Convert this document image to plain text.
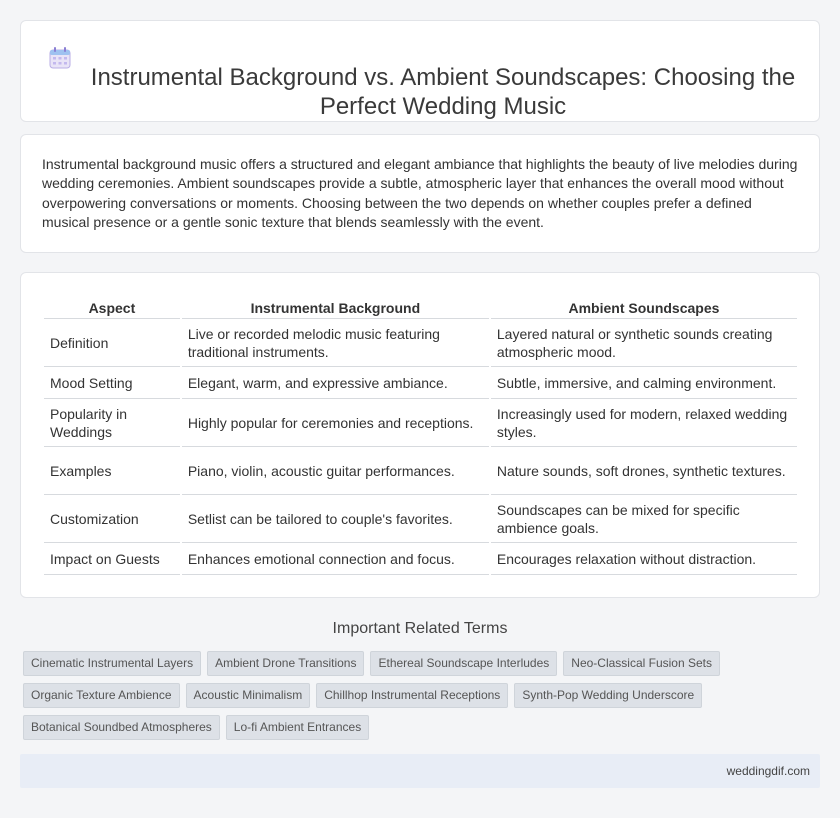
Instrumental Background vs. Ambient Soundscapes: Choosing the Perfect Wedding Music

Instrumental background music offers a structured and elegant ambiance that highlights the beauty of live melodies during wedding ceremonies. Ambient soundscapes provide a subtle, atmospheric layer that enhances the overall mood without overpowering conversations or moments. Choosing between the two depends on whether couples prefer a defined musical presence or a gentle sonic texture that blends seamlessly with the event.

Aspect	Instrumental Background	Ambient Soundscapes
Definition	Live or recorded melodic music featuring traditional instruments.	Layered natural or synthetic sounds creating atmospheric mood.
Mood Setting	Elegant, warm, and expressive ambiance.	Subtle, immersive, and calming environment.
Popularity in Weddings	Highly popular for ceremonies and receptions.	Increasingly used for modern, relaxed wedding styles.
Examples	Piano, violin, acoustic guitar performances.	Nature sounds, soft drones, synthetic textures.
Customization	Setlist can be tailored to couple's favorites.	Soundscapes can be mixed for specific ambience goals.
Impact on Guests	Enhances emotional connection and focus.	Encourages relaxation without distraction.
Important Related Terms
Cinematic Instrumental Layers	Ambient Drone Transitions	Ethereal Soundscape Interludes	Neo-Classical Fusion Sets
Organic Texture Ambience	Acoustic Minimalism	Chillhop Instrumental Receptions	Synth-Pop Wedding Underscore
Botanical Soundbed Atmospheres	Lo-fi Ambient Entrances
weddingdif.com
